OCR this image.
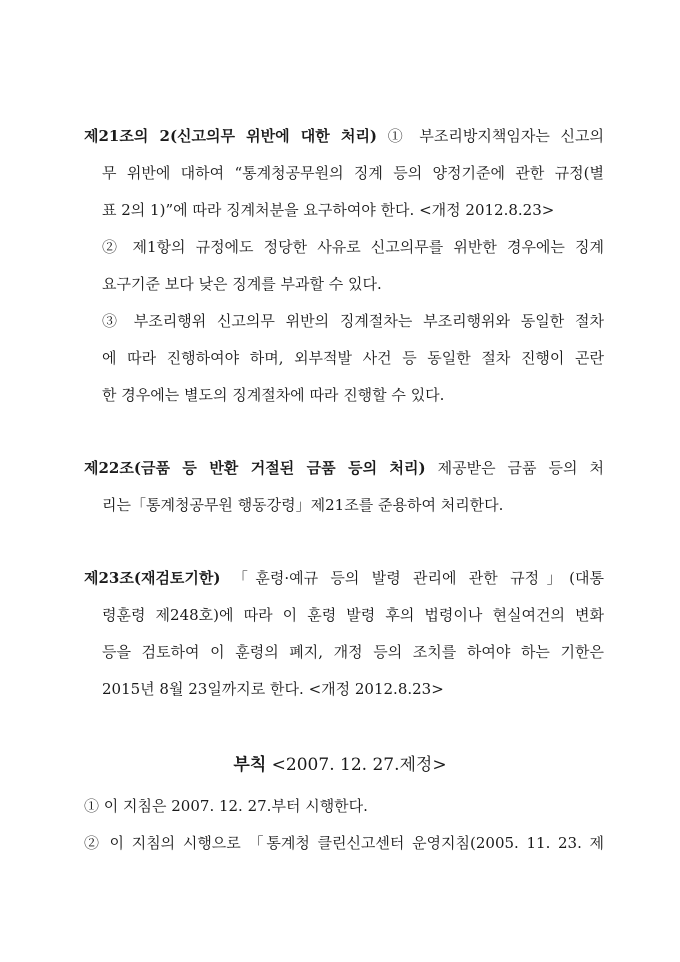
제21조의 2(신고의무 위반에 대한 처리) ① 부조리방지책임자는 신고의
무 위반에 대하여 “통계청공무원의 징계 등의 양정기준에 관한 규정(별
표 2의 1)”에 따라 징계처분을 요구하여야 한다. <개정 2012.8.23>
② 제1항의 규정에도 정당한 사유로 신고의무를 위반한 경우에는 징계
요구기준 보다 낮은 징계를 부과할 수 있다.
③ 부조리행위 신고의무 위반의 징계절차는 부조리행위와 동일한 절차
에 따라 진행하여야 하며, 외부적발 사건 등 동일한 절차 진행이 곤란
한 경우에는 별도의 징계절차에 따라 진행할 수 있다.
제22조(금품 등 반환 거절된 금품 등의 처리) 제공받은 금품 등의 처
리는「통계청공무원 행동강령」제21조를 준용하여 처리한다.
제23조(재검토기한) 「훈령·예규 등의 발령 관리에 관한 규정」(대통
령훈령 제248호)에 따라 이 훈령 발령 후의 법령이나 현실여건의 변화
등을 검토하여 이 훈령의 폐지, 개정 등의 조치를 하여야 하는 기한은
2015년 8월 23일까지로 한다. <개정 2012.8.23>
부칙 <2007. 12. 27.제정>
① 이 지침은 2007. 12. 27.부터 시행한다.
② 이 지침의 시행으로 「통계청 클린신고센터 운영지침(2005. 11. 23. 제
